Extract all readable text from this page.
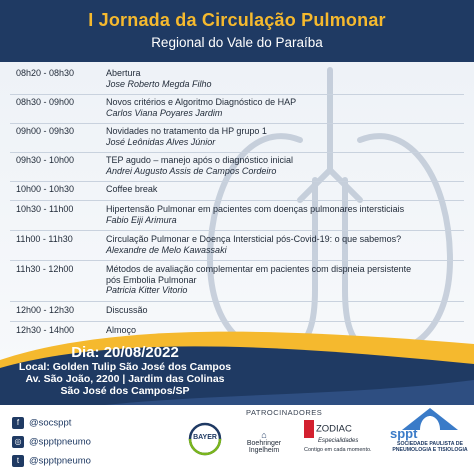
I Jornada da Circulação Pulmonar
Regional do Vale do Paraíba
08h20 - 08h30	Abertura
Jose Roberto Megda Filho
08h30 - 09h00	Novos critérios e Algoritmo Diagnóstico de HAP
Carlos Viana Poyares Jardim
09h00 - 09h30	Novidades no tratamento da HP grupo 1
José Leônidas Alves Júnior
09h30 - 10h00	TEP agudo – manejo após o diagnóstico inicial
Andrei Augusto Assis de Campos Cordeiro
10h00 - 10h30	Coffee break
10h30 - 11h00	Hipertensão Pulmonar em pacientes com doenças pulmonares intersticiais
Fabio Eiji Arimura
11h00 - 11h30	Circulação Pulmonar e Doença Intersticial pós-Covid-19: o que sabemos?
Alexandre de Melo Kawassaki
11h30 - 12h00	Métodos de avaliação complementar em pacientes com dispneia persistente
pós Embolia Pulmonar
Patricia Kitter Vitorio
12h00 - 12h30	Discussão
12h30 - 14h00	Almoço
Dia: 20/08/2022
Local: Golden Tulip São José dos Campos
Av. São João, 2200 | Jardim das Colinas
São José dos Campos/SP
f @socsppt
◎ @spptpneumo
t @spptpneumo
PATROCINADORES
BAYER	⌂
Boehringer
Ingelheim
ZODIAC
Especialidades
Contigo em cada momento.
sppt
SOCIEDADE PAULISTA DE
PNEUMOLOGIA E TISIOLOGIA
